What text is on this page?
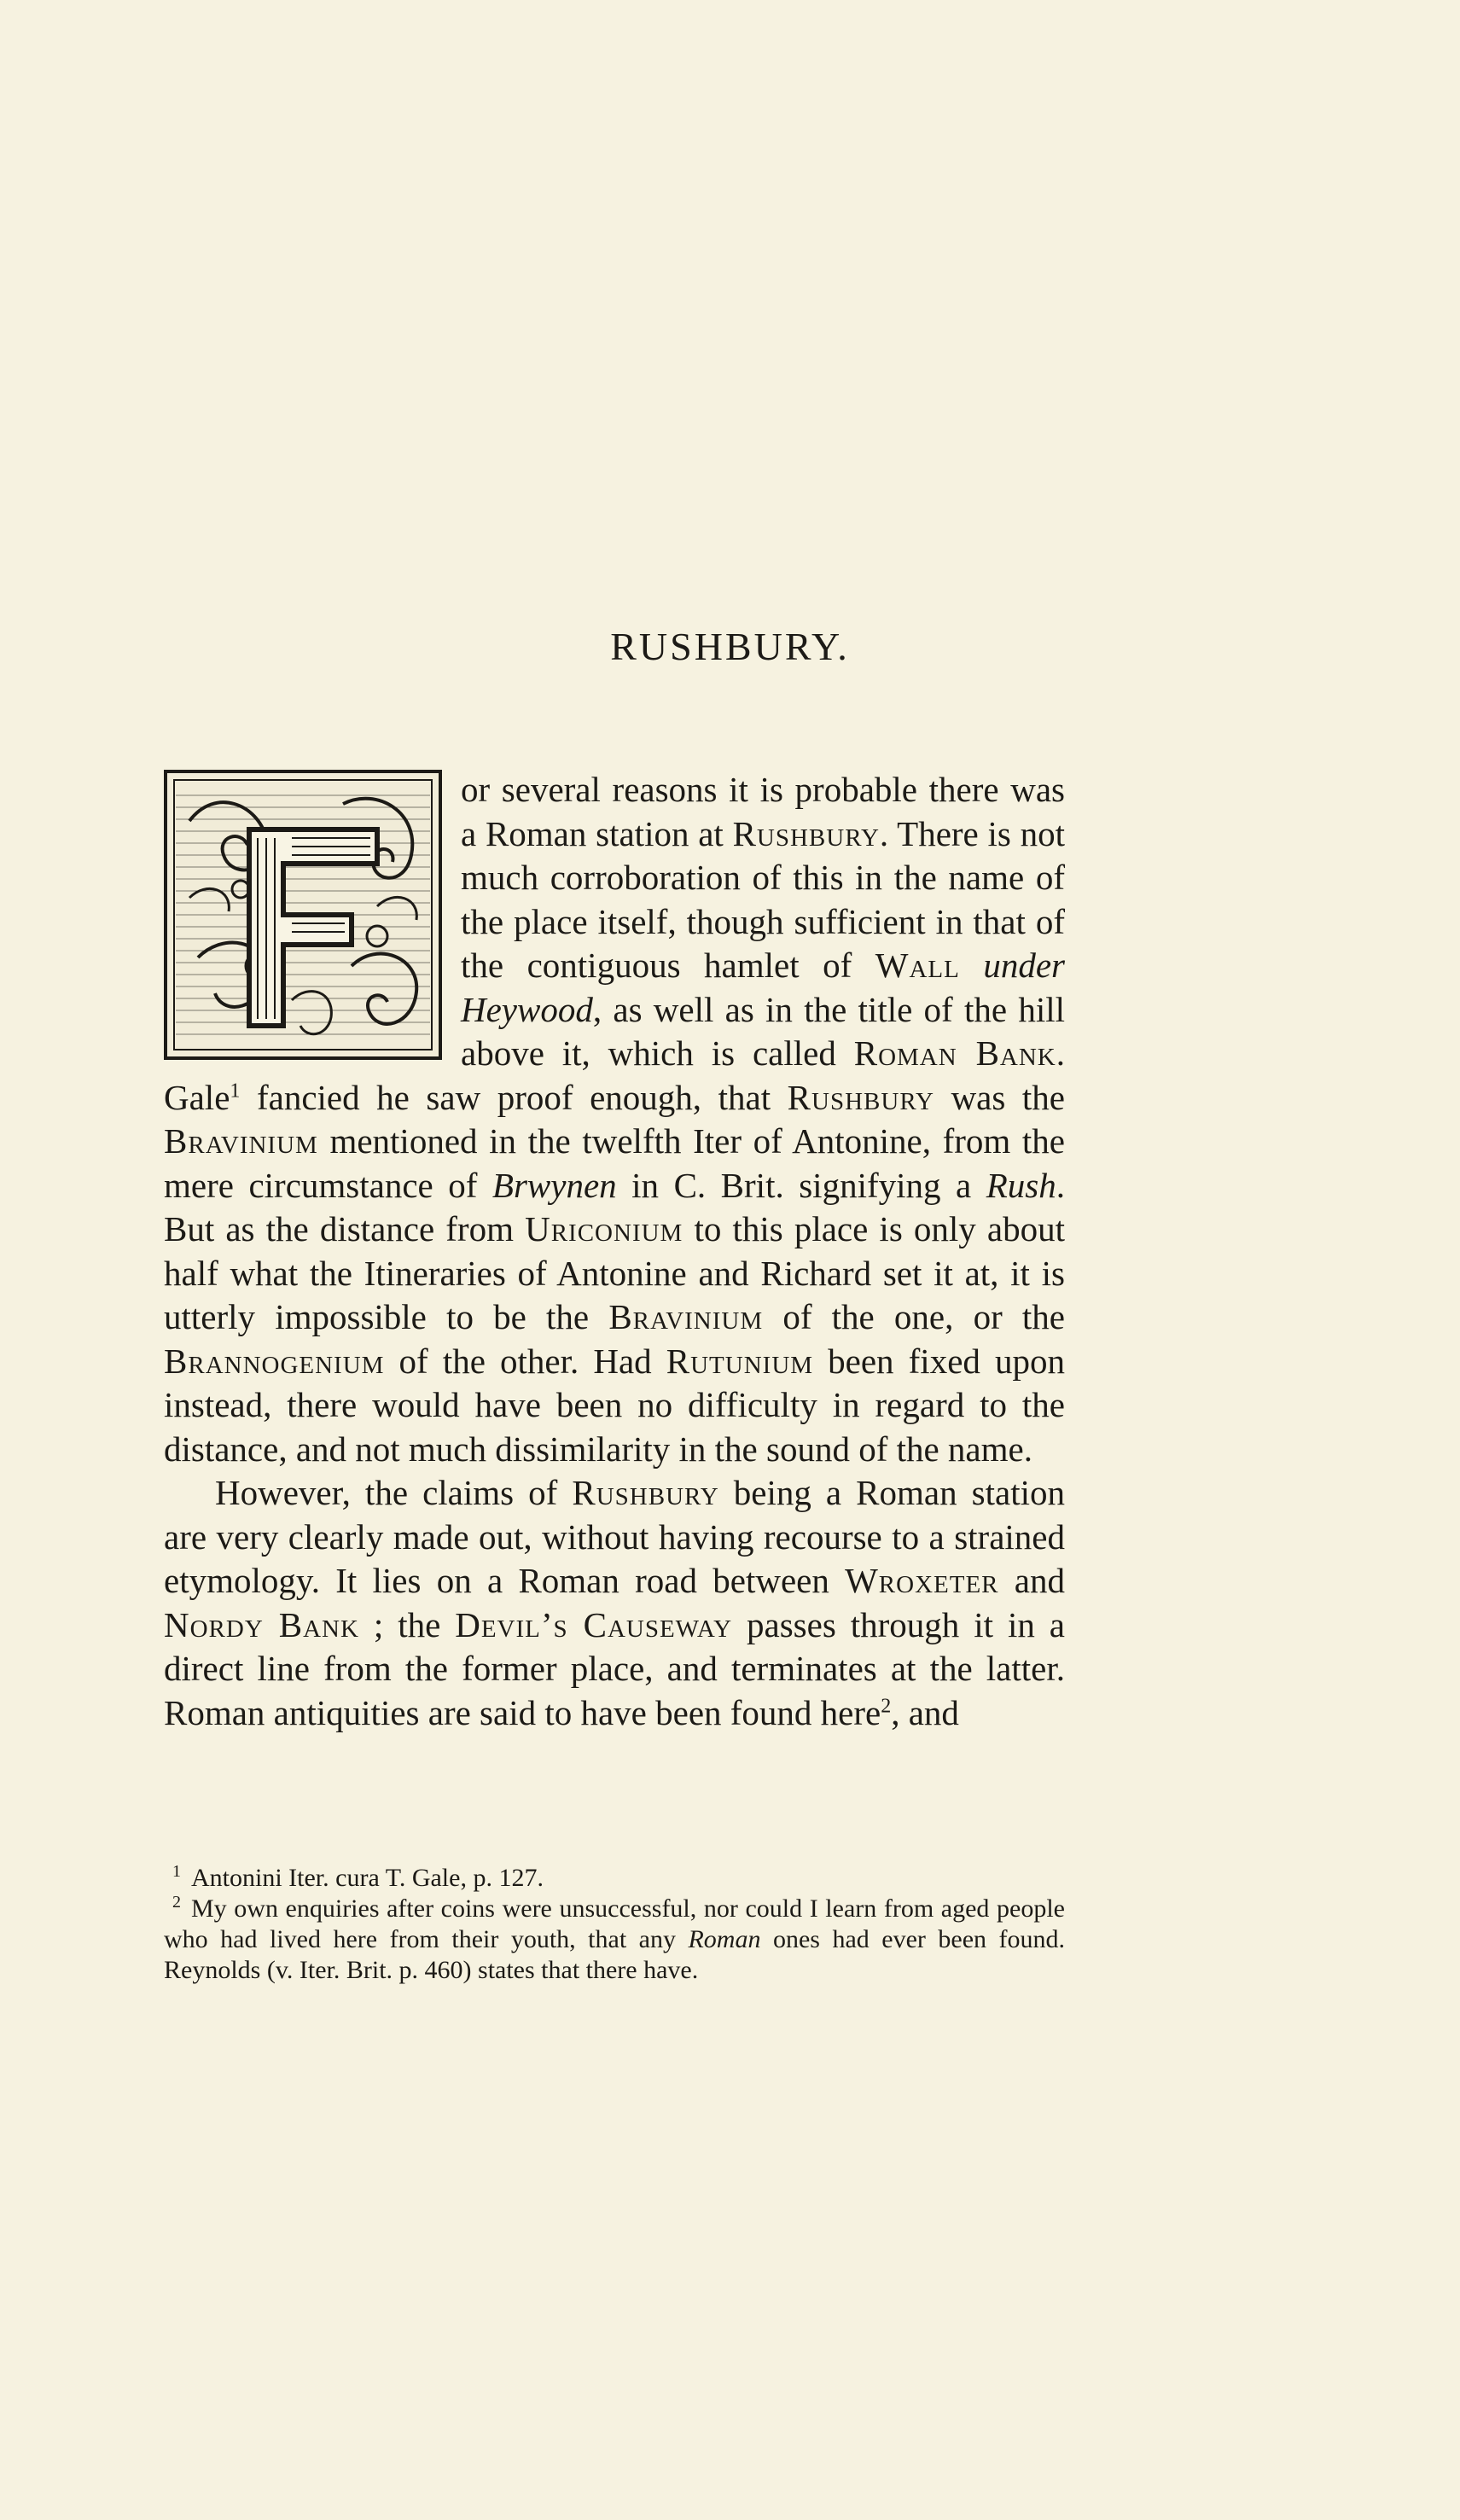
RUSHBURY.

or several reasons it is probable there was a Roman station at Rushbury. There is not much corroboration of this in the name of the place itself, though sufficient in that of the contiguous hamlet of Wall under Heywood, as well as in the title of the hill above it, which is called Roman Bank. Gale$^1$ fancied he saw proof enough, that Rushbury was the Bravinium mentioned in the twelfth Iter of Antonine, from the mere circumstance of Brwynen in C. Brit. signifying a Rush. But as the distance from Uriconium to this place is only about half what the Itineraries of Antonine and Richard set it at, it is utterly impossible to be the Bravinium of the one, or the Brannogenium of the other. Had Rutunium been fixed upon instead, there would have been no difficulty in regard to the distance, and not much dissimilarity in the sound of the name.

However, the claims of Rushbury being a Roman station are very clearly made out, without having recourse to a strained etymology. It lies on a Roman road between Wroxeter and Nordy Bank ; the Devil’s Causeway passes through it in a direct line from the former place, and terminates at the latter. Roman antiquities are said to have been found here$^2$, and

$^1$ Antonini Iter. cura T. Gale, p. 127.

$^2$ My own enquiries after coins were unsuccessful, nor could I learn from aged people who had lived here from their youth, that any Roman ones had ever been found. Reynolds (v. Iter. Brit. p. 460) states that there have.
